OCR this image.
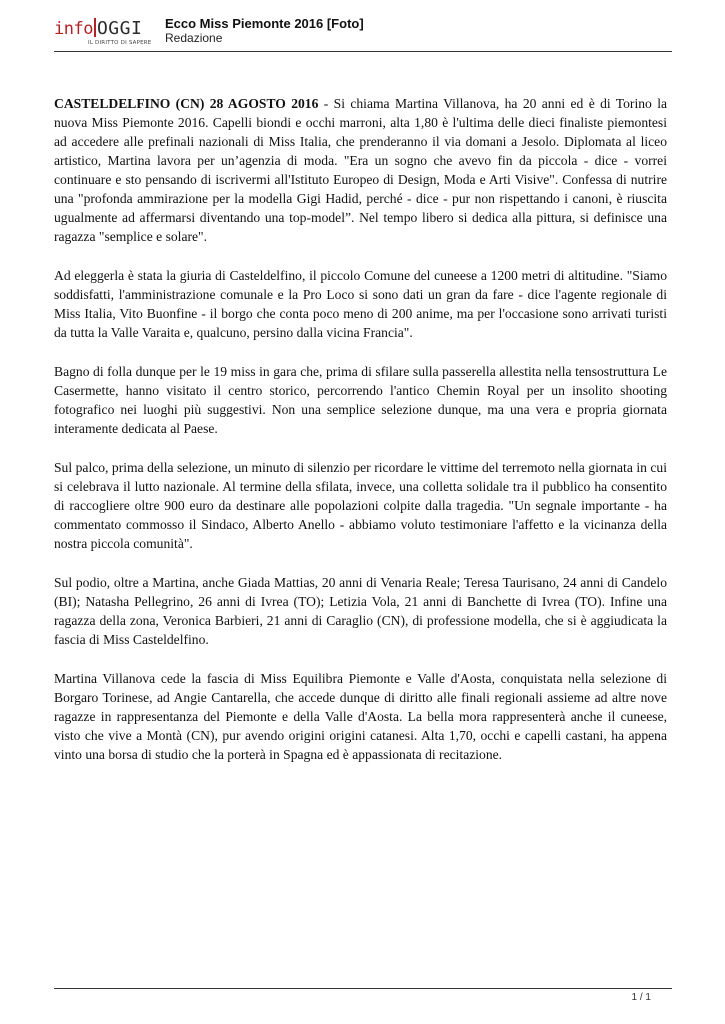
info OGGI
IL DIRITTO DI SAPERE
Ecco Miss Piemonte 2016 [Foto]
Redazione

CASTELDELFINO (CN) 28 AGOSTO 2016 - Si chiama Martina Villanova, ha 20 anni ed è di Torino la nuova Miss Piemonte 2016. Capelli biondi e occhi marroni, alta 1,80 è l'ultima delle dieci finaliste piemontesi ad accedere alle prefinali nazionali di Miss Italia, che prenderanno il via domani a Jesolo. Diplomata al liceo artistico, Martina lavora per un’agenzia di moda. "Era un sogno che avevo fin da piccola - dice - vorrei continuare e sto pensando di iscrivermi all'Istituto Europeo di Design, Moda e Arti Visive". Confessa di nutrire una "profonda ammirazione per la modella Gigi Hadid, perché - dice - pur non rispettando i canoni, è riuscita ugualmente ad affermarsi diventando una top-model”. Nel tempo libero si dedica alla pittura, si definisce una ragazza "semplice e solare".

Ad eleggerla è stata la giuria di Casteldelfino, il piccolo Comune del cuneese a 1200 metri di altitudine. "Siamo soddisfatti, l'amministrazione comunale e la Pro Loco si sono dati un gran da fare - dice l'agente regionale di Miss Italia, Vito Buonfine - il borgo che conta poco meno di 200 anime, ma per l'occasione sono arrivati turisti da tutta la Valle Varaita e, qualcuno, persino dalla vicina Francia".

Bagno di folla dunque per le 19 miss in gara che, prima di sfilare sulla passerella allestita nella tensostruttura Le Casermette, hanno visitato il centro storico, percorrendo l'antico Chemin Royal per un insolito shooting fotografico nei luoghi più suggestivi. Non una semplice selezione dunque, ma una vera e propria giornata interamente dedicata al Paese.

Sul palco, prima della selezione, un minuto di silenzio per ricordare le vittime del terremoto nella giornata in cui si celebrava il lutto nazionale. Al termine della sfilata, invece, una colletta solidale tra il pubblico ha consentito di raccogliere oltre 900 euro da destinare alle popolazioni colpite dalla tragedia. "Un segnale importante - ha commentato commosso il Sindaco, Alberto Anello - abbiamo voluto testimoniare l'affetto e la vicinanza della nostra piccola comunità".

Sul podio, oltre a Martina, anche Giada Mattias, 20 anni di Venaria Reale; Teresa Taurisano, 24 anni di Candelo (BI); Natasha Pellegrino, 26 anni di Ivrea (TO); Letizia Vola, 21 anni di Banchette di Ivrea (TO). Infine una ragazza della zona, Veronica Barbieri, 21 anni di Caraglio (CN), di professione modella, che si è aggiudicata la fascia di Miss Casteldelfino.

Martina Villanova cede la fascia di Miss Equilibra Piemonte e Valle d'Aosta, conquistata nella selezione di Borgaro Torinese, ad Angie Cantarella, che accede dunque di diritto alle finali regionali assieme ad altre nove ragazze in rappresentanza del Piemonte e della Valle d'Aosta. La bella mora rappresenterà anche il cuneese, visto che vive a Montà (CN), pur avendo origini origini catanesi. Alta 1,70, occhi e capelli castani, ha appena vinto una borsa di studio che la porterà in Spagna ed è appassionata di recitazione.

1 / 1
